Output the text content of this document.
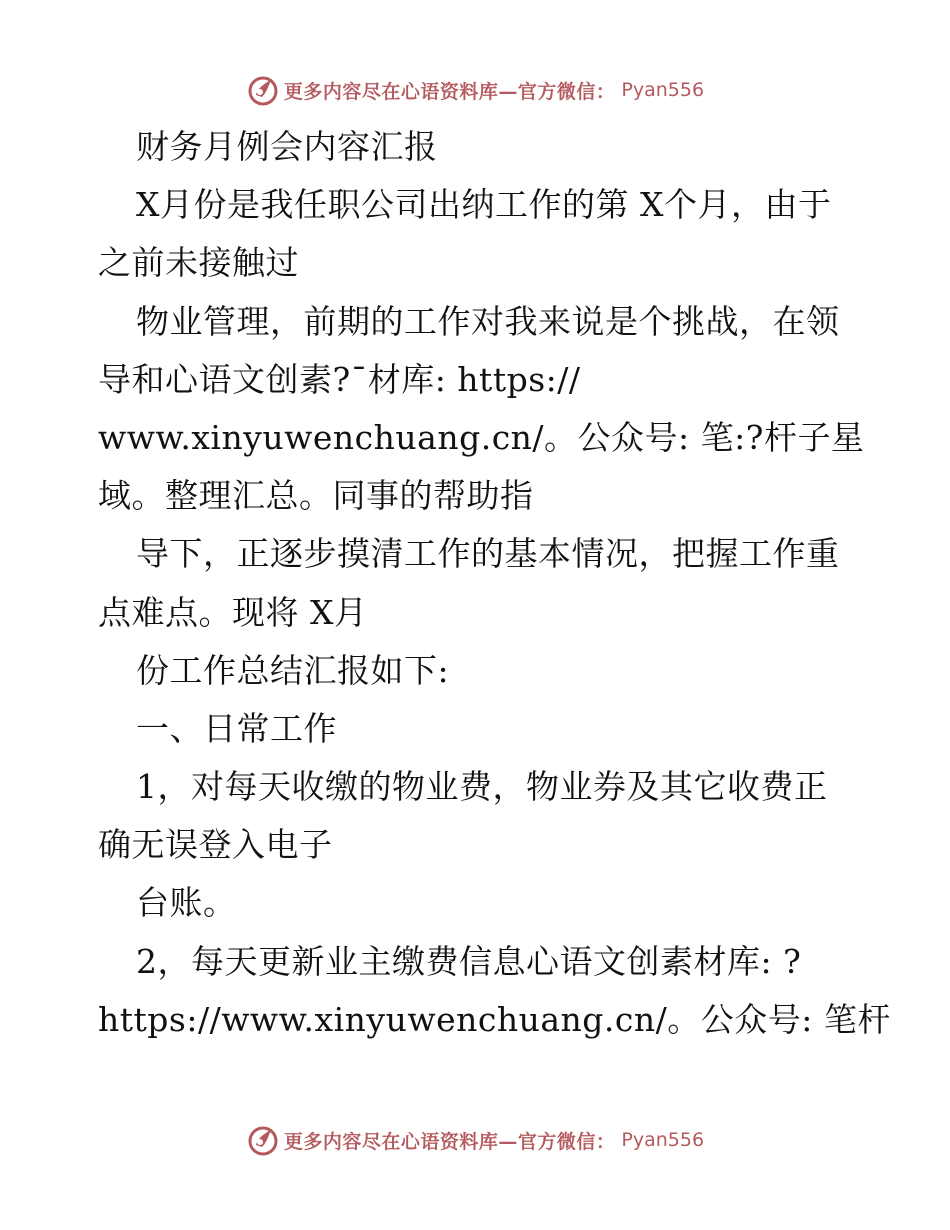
更多内容尽在心语资料库—官方微信： Pyan556
财务月例会内容汇报
X月份是我任职公司出纳工作的第 X个月，由于
之前未接触过
物业管理，前期的工作对我来说是个挑战，在领
导和心语文创素?¯材库: https://
www.xinyuwenchuang.cn/。公众号: 笔:?杆子星
域。整理汇总。同事的帮助指
导下，正逐步摸清工作的基本情况，把握工作重
点难点。现将 X月
份工作总结汇报如下:
一、日常工作
1，对每天收缴的物业费，物业券及其它收费正
确无误登入电子
台账。
2，每天更新业主缴费信息心语文创素材库: ?
https://www.xinyuwenchuang.cn/。公众号: 笔杆
更多内容尽在心语资料库—官方微信： Pyan556
